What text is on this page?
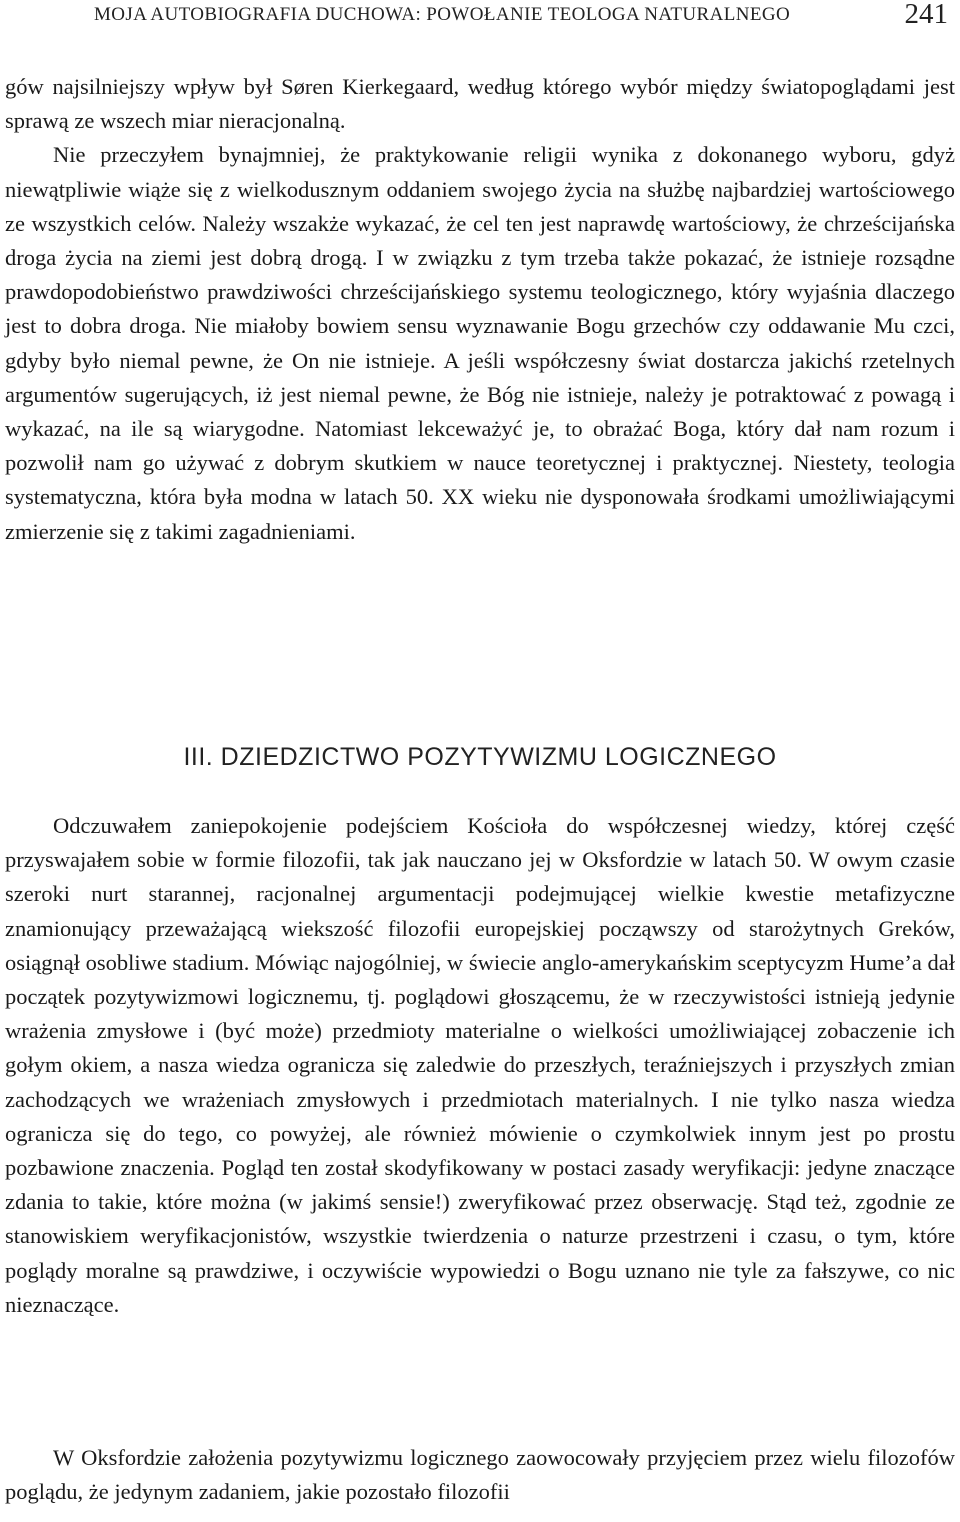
MOJA AUTOBIOGRAFIA DUCHOWA: POWOŁANIE TEOLOGA NATURALNEGO	241

gów najsilniejszy wpływ był Søren Kierkegaard, według którego wybór między światopoglądami jest sprawą ze wszech miar nieracjonalną.

Nie przeczyłem bynajmniej, że praktykowanie religii wynika z dokonanego wyboru, gdyż niewątpliwie wiąże się z wielkodusznym oddaniem swojego życia na służbę najbardziej wartościowego ze wszystkich celów. Należy wszakże wykazać, że cel ten jest naprawdę wartościowy, że chrześcijańska droga życia na ziemi jest dobrą drogą. I w związku z tym trzeba także pokazać, że istnieje rozsądne prawdopodobieństwo prawdziwości chrześcijańskiego systemu teologicznego, który wyjaśnia dlaczego jest to dobra droga. Nie miałoby bowiem sensu wyznawanie Bogu grzechów czy oddawanie Mu czci, gdyby było niemal pewne, że On nie istnieje. A jeśli współczesny świat dostarcza jakichś rzetelnych argumentów sugerujących, iż jest niemal pewne, że Bóg nie istnieje, należy je potraktować z powagą i wykazać, na ile są wiarygodne. Natomiast lekceważyć je, to obrażać Boga, który dał nam rozum i pozwolił nam go używać z dobrym skutkiem w nauce teoretycznej i praktycznej. Niestety, teologia systematyczna, która była modna w latach 50. XX wieku nie dysponowała środkami umożliwiającymi zmierzenie się z takimi zagadnieniami.

III. DZIEDZICTWO POZYTYWIZMU LOGICZNEGO

Odczuwałem zaniepokojenie podejściem Kościoła do współczesnej wiedzy, której część przyswajałem sobie w formie filozofii, tak jak nauczano jej w Oksfordzie w latach 50. W owym czasie szeroki nurt starannej, racjonalnej argumentacji podejmującej wielkie kwestie metafizyczne znamionujący przeważającą wiekszość filozofii europejskiej począwszy od starożytnych Greków, osiągnął osobliwe stadium. Mówiąc najogólniej, w świecie anglo-amerykańskim sceptycyzm Hume’a dał początek pozytywizmowi logicznemu, tj. poglądowi głoszącemu, że w rzeczywistości istnieją jedynie wrażenia zmysłowe i (być może) przedmioty materialne o wielkości umożliwiającej zobaczenie ich gołym okiem, a nasza wiedza ogranicza się zaledwie do przeszłych, teraźniejszych i przyszłych zmian zachodzących we wrażeniach zmysłowych i przedmiotach materialnych. I nie tylko nasza wiedza ogranicza się do tego, co powyżej, ale również mówienie o czymkolwiek innym jest po prostu pozbawione znaczenia. Pogląd ten został skodyfikowany w postaci zasady weryfikacji: jedyne znaczące zdania to takie, które można (w jakimś sensie!) zweryfikować przez obserwację. Stąd też, zgodnie ze stanowiskiem weryfikacjonistów, wszystkie twierdzenia o naturze przestrzeni i czasu, o tym, które poglądy moralne są prawdziwe, i oczywiście wypowiedzi o Bogu uznano nie tyle za fałszywe, co nic nieznaczące.

W Oksfordzie założenia pozytywizmu logicznego zaowocowały przyjęciem przez wielu filozofów poglądu, że jedynym zadaniem, jakie pozostało filozofii
